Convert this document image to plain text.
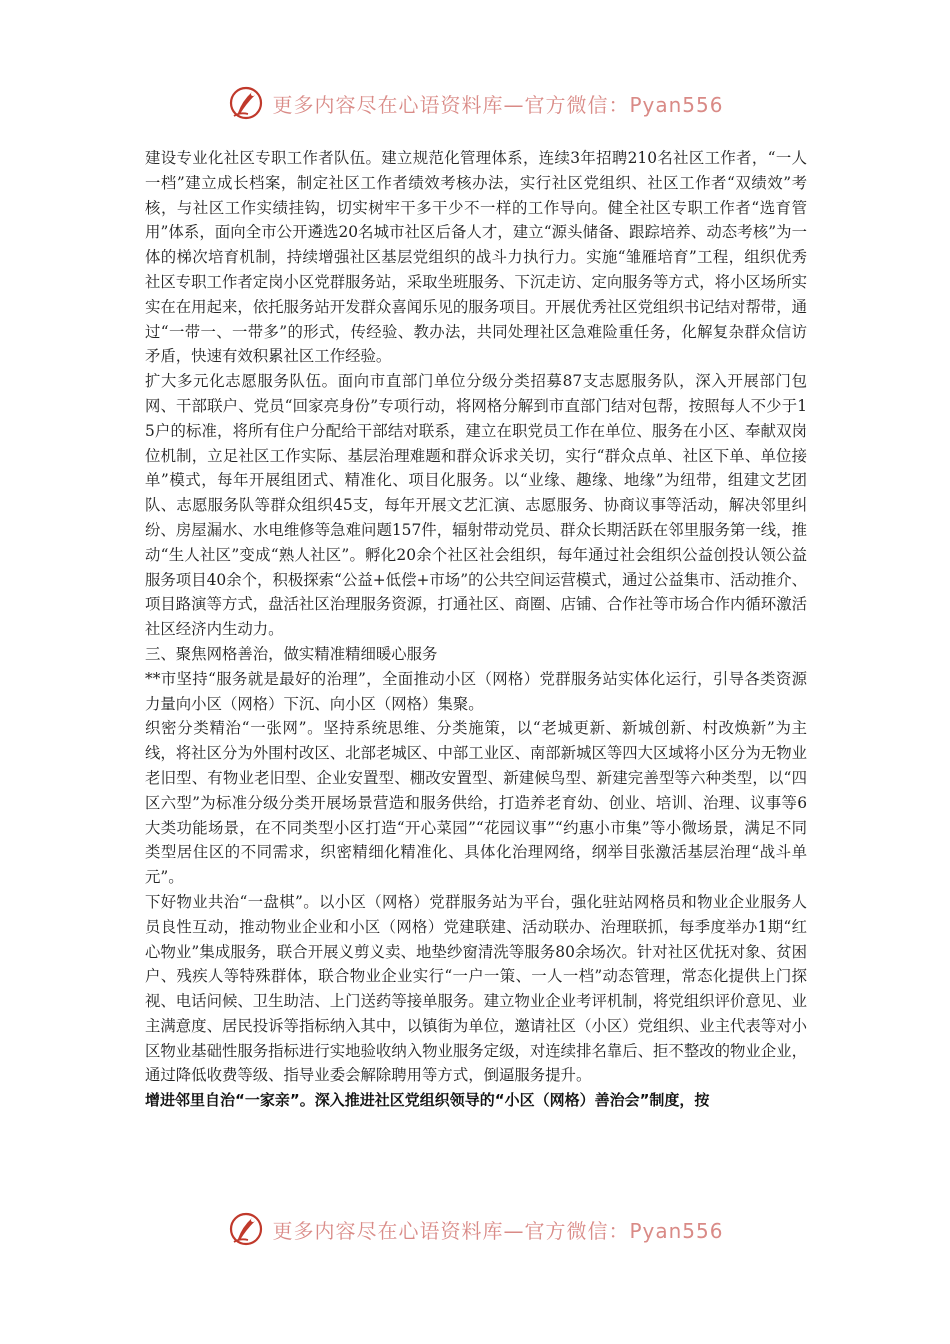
更多内容尽在心语资料库—官方微信：Pyan556

建设专业化社区专职工作者队伍。建立规范化管理体系，连续3年招聘210名社区工作者，“一人一档”建立成长档案，制定社区工作者绩效考核办法，实行社区党组织、社区工作者“双绩效”考核，与社区工作实绩挂钩，切实树牢干多干少不一样的工作导向。健全社区专职工作者“选育管用”体系，面向全市公开遴选20名城市社区后备人才，建立“源头储备、跟踪培养、动态考核”为一体的梯次培育机制，持续增强社区基层党组织的战斗力执行力。实施“雏雁培育”工程，组织优秀社区专职工作者定岗小区党群服务站，采取坐班服务、下沉走访、定向服务等方式，将小区场所实实在在用起来，依托服务站开发群众喜闻乐见的服务项目。开展优秀社区党组织书记结对帮带，通过“一带一、一带多”的形式，传经验、教办法，共同处理社区急难险重任务，化解复杂群众信访矛盾，快速有效积累社区工作经验。

扩大多元化志愿服务队伍。面向市直部门单位分级分类招募87支志愿服务队，深入开展部门包网、干部联户、党员“回家亮身份”专项行动，将网格分解到市直部门结对包帮，按照每人不少于15户的标准，将所有住户分配给干部结对联系，建立在职党员工作在单位、服务在小区、奉献双岗位机制，立足社区工作实际、基层治理难题和群众诉求关切，实行“群众点单、社区下单、单位接单”模式，每年开展组团式、精准化、项目化服务。以“业缘、趣缘、地缘”为纽带，组建文艺团队、志愿服务队等群众组织45支，每年开展文艺汇演、志愿服务、协商议事等活动，解决邻里纠纷、房屋漏水、水电维修等急难问题157件，辐射带动党员、群众长期活跃在邻里服务第一线，推动“生人社区”变成“熟人社区”。孵化20余个社区社会组织，每年通过社会组织公益创投认领公益服务项目40余个，积极探索“公益+低偿+市场”的公共空间运营模式，通过公益集市、活动推介、项目路演等方式，盘活社区治理服务资源，打通社区、商圈、店铺、合作社等市场合作内循环激活社区经济内生动力。

三、聚焦网格善治，做实精准精细暖心服务

**市坚持“服务就是最好的治理”，全面推动小区（网格）党群服务站实体化运行，引导各类资源力量向小区（网格）下沉、向小区（网格）集聚。

织密分类精治“一张网”。坚持系统思维、分类施策，以“老城更新、新城创新、村改焕新”为主线，将社区分为外围村改区、北部老城区、中部工业区、南部新城区等四大区域将小区分为无物业老旧型、有物业老旧型、企业安置型、棚改安置型、新建候鸟型、新建完善型等六种类型，以“四区六型”为标准分级分类开展场景营造和服务供给，打造养老育幼、创业、培训、治理、议事等6大类功能场景，在不同类型小区打造“开心菜园”“花园议事”“约惠小市集”等小微场景，满足不同类型居住区的不同需求，织密精细化精准化、具体化治理网络，纲举目张激活基层治理“战斗单元”。

下好物业共治“一盘棋”。以小区（网格）党群服务站为平台，强化驻站网格员和物业企业服务人员良性互动，推动物业企业和小区（网格）党建联建、活动联办、治理联抓，每季度举办1期“红心物业”集成服务，联合开展义剪义卖、地垫纱窗清洗等服务80余场次。针对社区优抚对象、贫困户、残疾人等特殊群体，联合物业企业实行“一户一策、一人一档”动态管理，常态化提供上门探视、电话问候、卫生助洁、上门送药等接单服务。建立物业企业考评机制，将党组织评价意见、业主满意度、居民投诉等指标纳入其中，以镇街为单位，邀请社区（小区）党组织、业主代表等对小区物业基础性服务指标进行实地验收纳入物业服务定级，对连续排名靠后、拒不整改的物业企业，通过降低收费等级、指导业委会解除聘用等方式，倒逼服务提升。

增进邻里自治“一家亲”。深入推进社区党组织领导的“小区（网格）善治会”制度，按

更多内容尽在心语资料库—官方微信：Pyan556
